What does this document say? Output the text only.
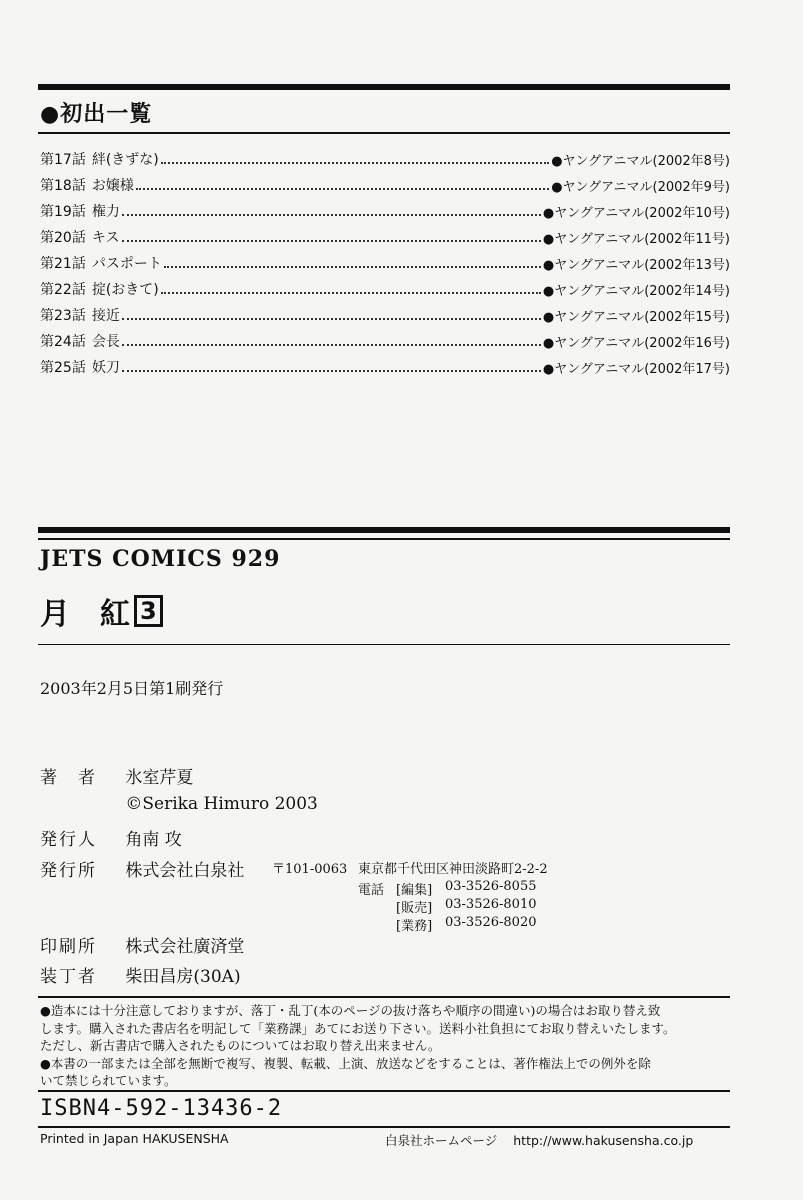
●初出一覧
第17話 絆(きずな)	●ヤングアニマル(2002年8号)
第18話 お嬢様	●ヤングアニマル(2002年9号)
第19話 権力	●ヤングアニマル(2002年10号)
第20話 キス	●ヤングアニマル(2002年11号)
第21話 パスポート	●ヤングアニマル(2002年13号)
第22話 掟(おきて)	●ヤングアニマル(2002年14号)
第23話 接近	●ヤングアニマル(2002年15号)
第24話 会長	●ヤングアニマル(2002年16号)
第25話 妖刀	●ヤングアニマル(2002年17号)
JETS COMICS 929
月 紅 3
2003年2月5日第1刷発行
著　者 氷室芹夏
©Serika Himuro 2003
発行人 角南 攻
発行所 株式会社白泉社 〒101-0063 東京都千代田区神田淡路町2-2-2
電話 [編集] 03-3526-8055
[販売] 03-3526-8010
[業務] 03-3526-8020
印刷所 株式会社廣済堂
装丁者 柴田昌房(30A)

●造本には十分注意しておりますが、落丁・乱丁(本のページの抜け落ちや順序の間違い)の場合はお取り替え致

します。購入された書店名を明記して「業務課」あてにお送り下さい。送料小社負担にてお取り替えいたします。

ただし、新古書店で購入されたものについてはお取り替え出来ません。

●本書の一部または全部を無断で複写、複製、転載、上演、放送などをすることは、著作権法上での例外を除

いて禁じられています。

ISBN4-592-13436-2
Printed in Japan HAKUSENSHA	白泉社ホームページ http://www.hakusensha.co.jp
